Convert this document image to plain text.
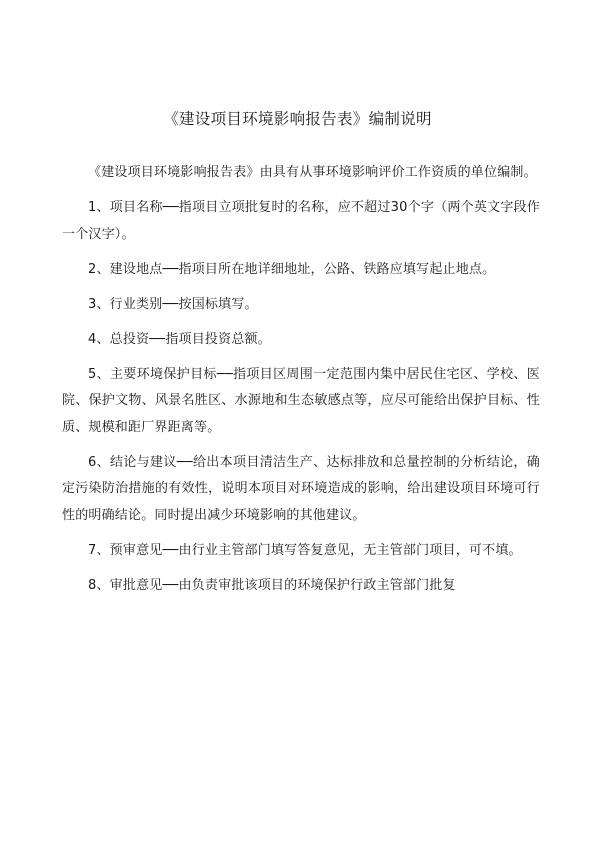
《建设项目环境影响报告表》编制说明

《建设项目环境影响报告表》由具有从事环境影响评价工作资质的单位编制。

1、项目名称──指项目立项批复时的名称，应不超过30个字（两个英文字段作一个汉字）。

2、建设地点──指项目所在地详细地址，公路、铁路应填写起止地点。

3、行业类别──按国标填写。

4、总投资──指项目投资总额。

5、主要环境保护目标──指项目区周围一定范围内集中居民住宅区、学校、医院、保护文物、风景名胜区、水源地和生态敏感点等，应尽可能给出保护目标、性质、规模和距厂界距离等。

6、结论与建议──给出本项目清洁生产、达标排放和总量控制的分析结论，确定污染防治措施的有效性，说明本项目对环境造成的影响，给出建设项目环境可行性的明确结论。同时提出减少环境影响的其他建议。

7、预审意见──由行业主管部门填写答复意见，无主管部门项目，可不填。

8、审批意见──由负责审批该项目的环境保护行政主管部门批复
